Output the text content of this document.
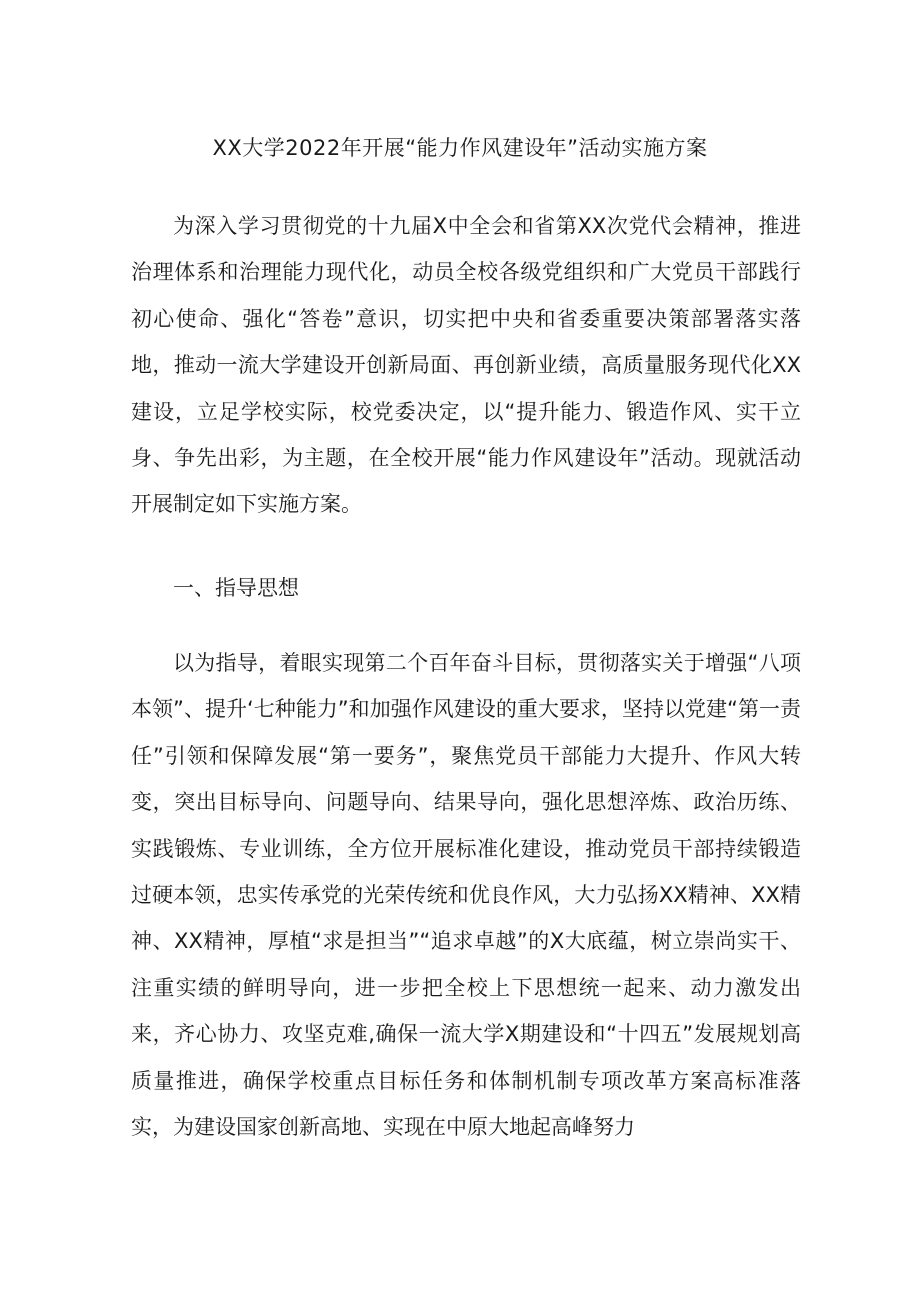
XX大学2022年开展“能力作风建设年”活动实施方案

为深入学习贯彻党的十九届X中全会和省第XX次党代会精神，推进治理体系和治理能力现代化，动员全校各级党组织和广大党员干部践行初心使命、强化“答卷”意识，切实把中央和省委重要决策部署落实落地，推动一流大学建设开创新局面、再创新业绩，高质量服务现代化XX建设，立足学校实际，校党委决定，以“提升能力、锻造作风、实干立身、争先出彩，为主题，在全校开展“能力作风建设年”活动。现就活动开展制定如下实施方案。

一、指导思想

以为指导，着眼实现第二个百年奋斗目标，贯彻落实关于增强“八项本领”、提升‘七种能力”和加强作风建设的重大要求，坚持以党建“第一责任”引领和保障发展“第一要务”，聚焦党员干部能力大提升、作风大转变，突出目标导向、问题导向、结果导向，强化思想淬炼、政治历练、实践锻炼、专业训练，全方位开展标准化建设，推动党员干部持续锻造过硬本领，忠实传承党的光荣传统和优良作风，大力弘扬XX精神、XX精神、XX精神，厚植“求是担当”“追求卓越”的X大底蕴，树立崇尚实干、注重实绩的鲜明导向，进一步把全校上下思想统一起来、动力激发出来，齐心协力、攻坚克难,确保一流大学X期建设和“十四五”发展规划高质量推进，确保学校重点目标任务和体制机制专项改革方案高标准落实，为建设国家创新高地、实现在中原大地起高峰努力
